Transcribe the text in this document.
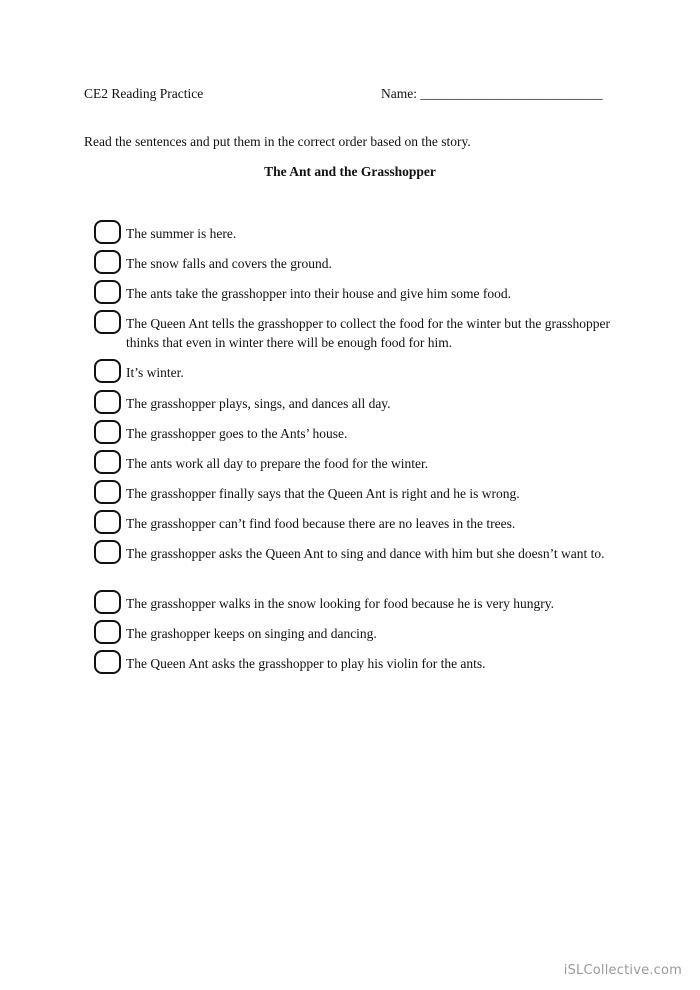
CE2 Reading Practice	Name: ___________________________
Read the sentences and put them in the correct order based on the story.
The Ant and the Grasshopper
The summer is here.
The snow falls and covers the ground.
The ants take the grasshopper into their house and give him some food.
The Queen Ant tells the grasshopper to collect the food for the winter but the grasshopper thinks that even in winter there will be enough food for him.
It’s winter.
The grasshopper plays, sings, and dances all day.
The grasshopper goes to the Ants’ house.
The ants work all day to prepare the food for the winter.
The grasshopper finally says that the Queen Ant is right and he is wrong.
The grasshopper can’t find food because there are no leaves in the trees.
The grasshopper asks the Queen Ant to sing and dance with him but she doesn’t want to.
The grasshopper walks in the snow looking for food because he is very hungry.
The grashopper keeps on singing and dancing.
The Queen Ant asks the grasshopper to play his violin for the ants.
iSLCollective.com
